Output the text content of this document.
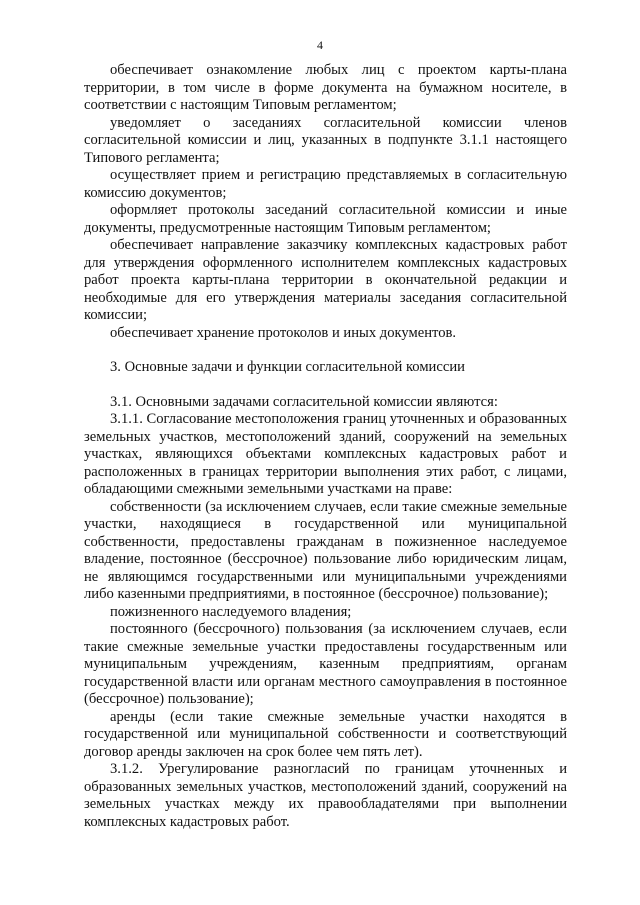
4

обеспечивает ознакомление любых лиц с проектом карты-плана территории, в том числе в форме документа на бумажном носителе, в соответствии с настоящим Типовым регламентом;

уведомляет о заседаниях согласительной комиссии членов согласительной комиссии и лиц, указанных в подпункте 3.1.1 настоящего Типового регламента;

осуществляет прием и регистрацию представляемых в согласительную комиссию документов;

оформляет протоколы заседаний согласительной комиссии и иные документы, предусмотренные настоящим Типовым регламентом;

обеспечивает направление заказчику комплексных кадастровых работ для утверждения оформленного исполнителем комплексных кадастровых работ проекта карты-плана территории в окончательной редакции и необходимые для его утверждения материалы заседания согласительной комиссии;

обеспечивает хранение протоколов и иных документов.

3. Основные задачи и функции согласительной комиссии

3.1. Основными задачами согласительной комиссии являются:

3.1.1. Согласование местоположения границ уточненных и образованных земельных участков, местоположений зданий, сооружений на земельных участках, являющихся объектами комплексных кадастровых работ и расположенных в границах территории выполнения этих работ, с лицами, обладающими смежными земельными участками на праве:

собственности (за исключением случаев, если такие смежные земельные участки, находящиеся в государственной или муниципальной собственности, предоставлены гражданам в пожизненное наследуемое владение, постоянное (бессрочное) пользование либо юридическим лицам, не являющимся государственными или муниципальными учреждениями либо казенными предприятиями, в постоянное (бессрочное) пользование);

пожизненного наследуемого владения;

постоянного (бессрочного) пользования (за исключением случаев, если такие смежные земельные участки предоставлены государственным или муниципальным учреждениям, казенным предприятиям, органам государственной власти или органам местного самоуправления в постоянное (бессрочное) пользование);

аренды (если такие смежные земельные участки находятся в государственной или муниципальной собственности и соответствующий договор аренды заключен на срок более чем пять лет).

3.1.2. Урегулирование разногласий по границам уточненных и образованных земельных участков, местоположений зданий, сооружений на земельных участках между их правообладателями при выполнении комплексных кадастровых работ.
